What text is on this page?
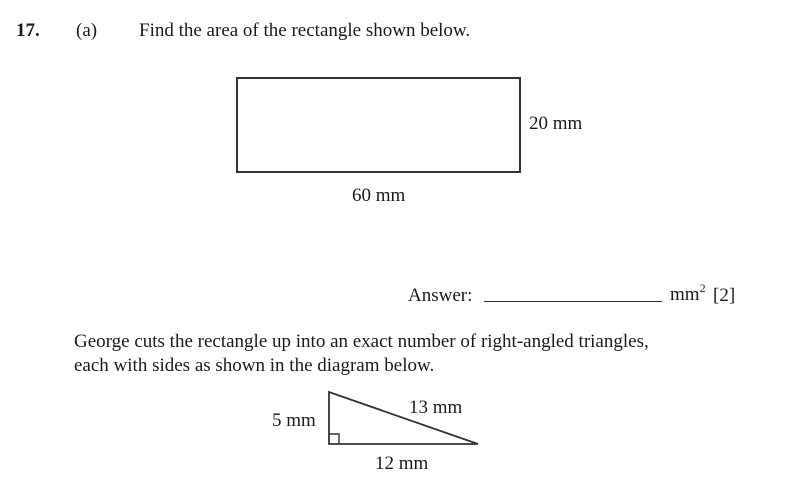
17. (a) Find the area of the rectangle shown below.
20 mm
60 mm
Answer:	$mm^2$ [2]
George cuts the rectangle up into an exact number of right-angled triangles,
each with sides as shown in the diagram below.
5 mm
13 mm
12 mm
